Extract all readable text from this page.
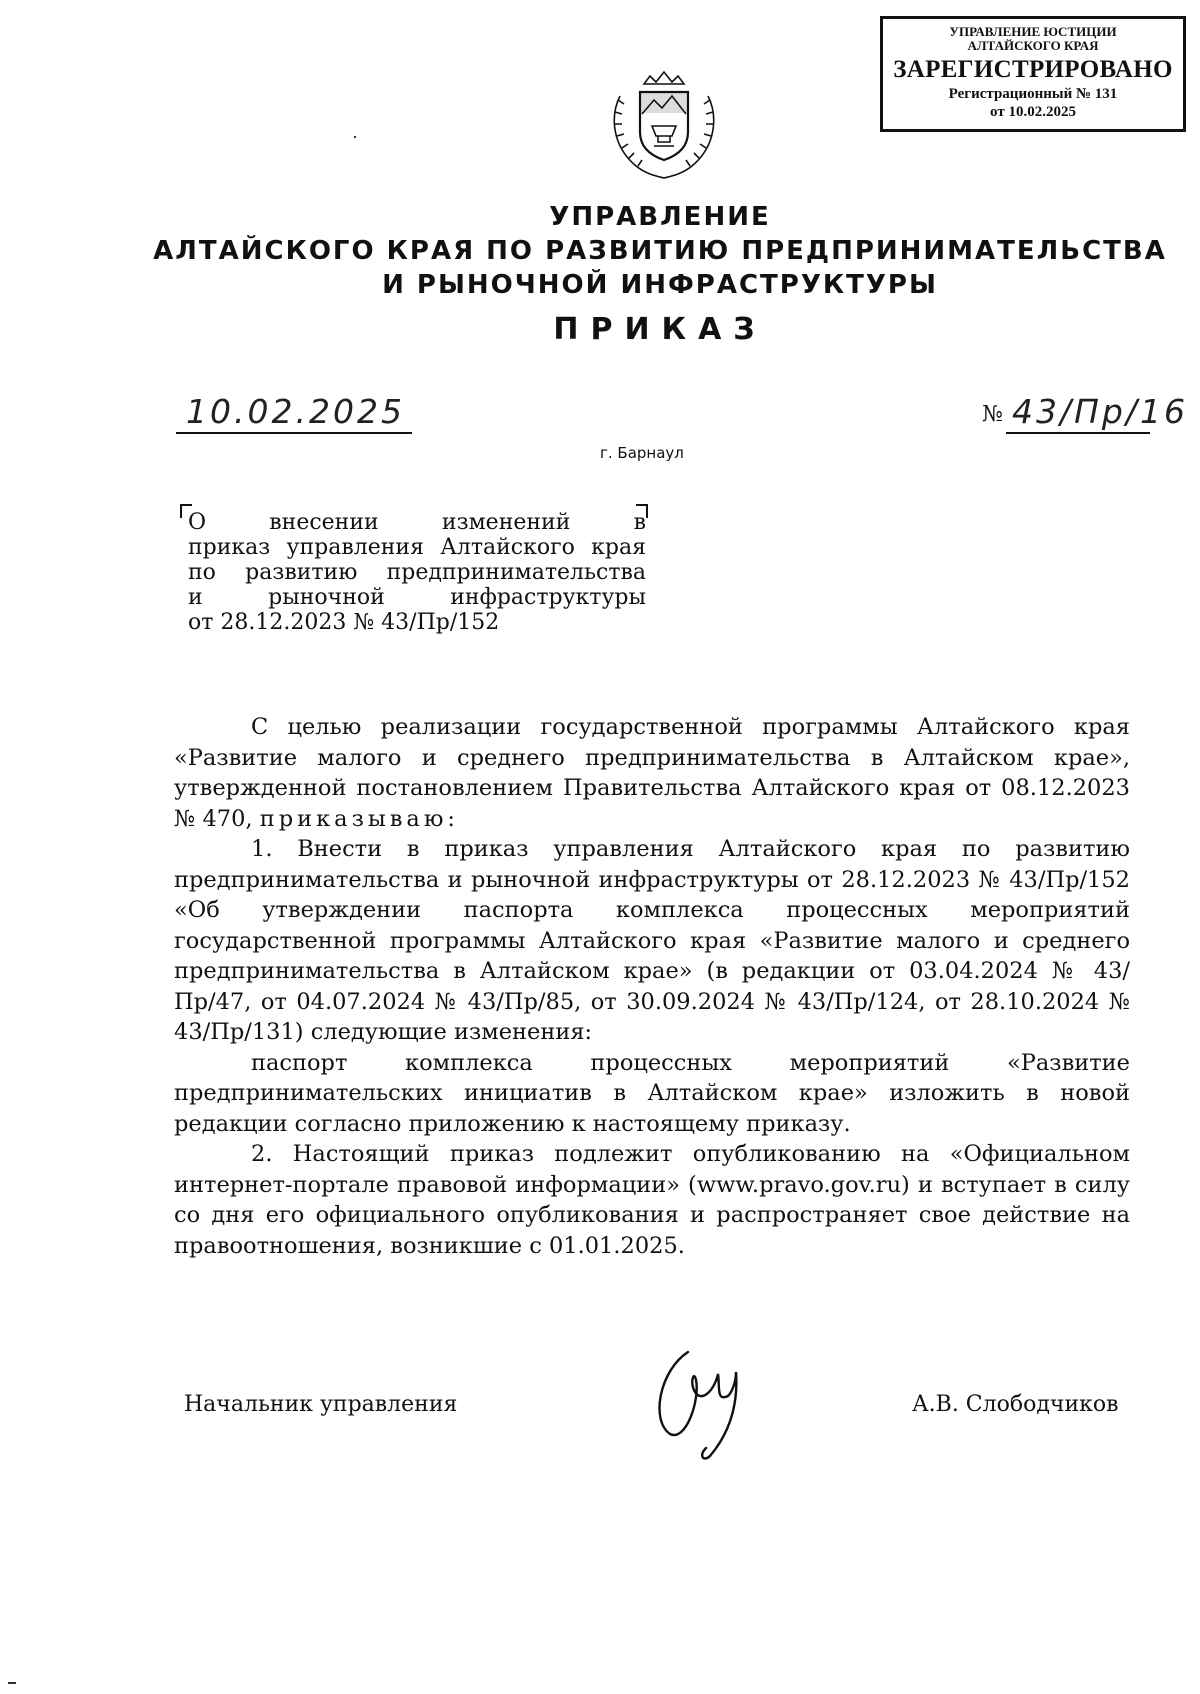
УПРАВЛЕНИЕ ЮСТИЦИИ
АЛТАЙСКОГО КРАЯ
ЗАРЕГИСТРИРОВАНО
Регистрационный № 131
от 10.02.2025
УПРАВЛЕНИЕ
АЛТАЙСКОГО КРАЯ ПО РАЗВИТИЮ ПРЕДПРИНИМАТЕЛЬСТВА
И РЫНОЧНОЙ ИНФРАСТРУКТУРЫ
ПРИКАЗ
10.02.2025	№ 43/Пр/16
г. Барнаул
О внесении изменений в
приказ управления Алтайского края
по развитию предпринимательства
и рыночной инфраструктуры
от 28.12.2023 № 43/Пр/152

С целью реализации государственной программы Алтайского края «Развитие малого и среднего предпринимательства в Алтайском крае», утвержденной постановлением Правительства Алтайского края от 08.12.2023 № 470, приказываю:

1. Внести в приказ управления Алтайского края по развитию предпринимательства и рыночной инфраструктуры от 28.12.2023 № 43/Пр/152 «Об утверждении паспорта комплекса процессных мероприятий государственной программы Алтайского края «Развитие малого и среднего предпринимательства в Алтайском крае» (в редакции от 03.04.2024 № 43/Пр/47, от 04.07.2024 № 43/Пр/85, от 30.09.2024 № 43/Пр/124, от 28.10.2024 № 43/Пр/131) следующие изменения:

паспорт комплекса процессных мероприятий «Развитие предпринимательских инициатив в Алтайском крае» изложить в новой редакции согласно приложению к настоящему приказу.

2. Настоящий приказ подлежит опубликованию на «Официальном интернет-портале правовой информации» (www.pravo.gov.ru) и вступает в силу со дня его официального опубликования и распространяет свое действие на правоотношения, возникшие с 01.01.2025.

Начальник управления	А.В. Слободчиков
